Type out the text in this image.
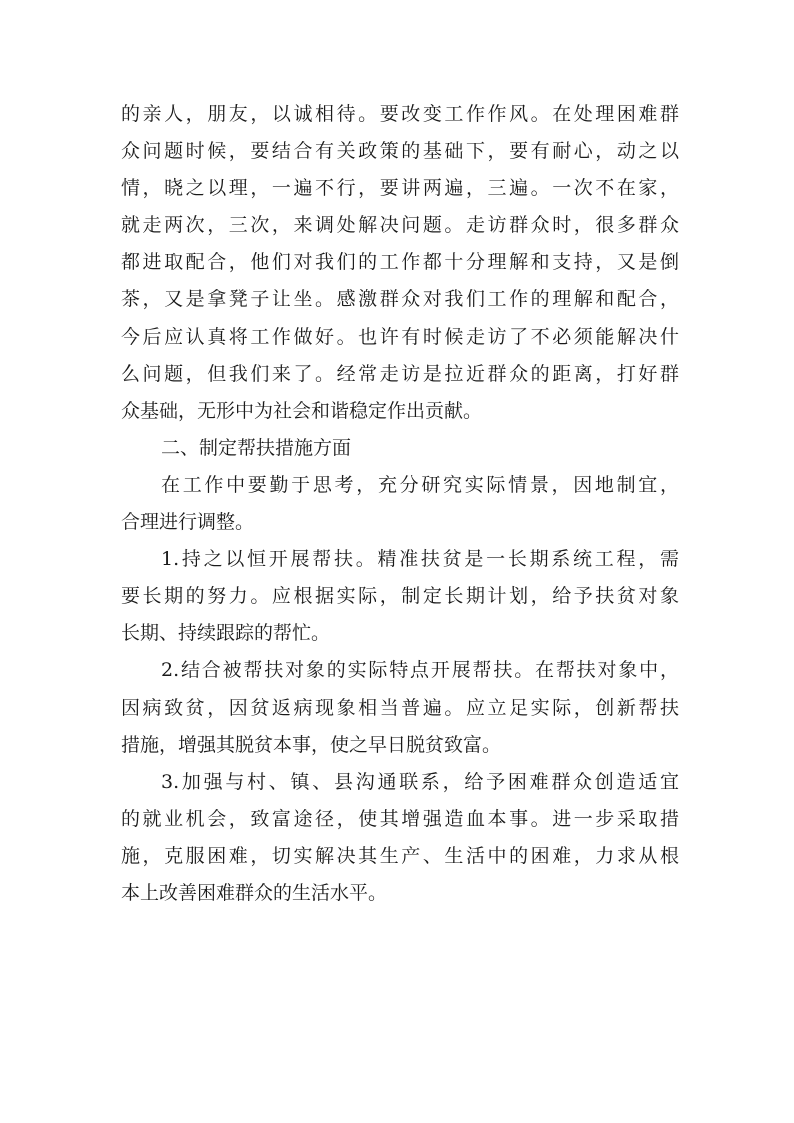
的亲人，朋友，以诚相待。要改变工作作风。在处理困难群
众问题时候，要结合有关政策的基础下，要有耐心，动之以
情，晓之以理，一遍不行，要讲两遍，三遍。一次不在家，
就走两次，三次，来调处解决问题。走访群众时，很多群众
都进取配合，他们对我们的工作都十分理解和支持，又是倒
茶，又是拿凳子让坐。感激群众对我们工作的理解和配合，
今后应认真将工作做好。也许有时候走访了不必须能解决什
么问题，但我们来了。经常走访是拉近群众的距离，打好群
众基础，无形中为社会和谐稳定作出贡献。
二、制定帮扶措施方面
在工作中要勤于思考，充分研究实际情景，因地制宜，
合理进行调整。
1.持之以恒开展帮扶。精准扶贫是一长期系统工程，需
要长期的努力。应根据实际，制定长期计划，给予扶贫对象
长期、持续跟踪的帮忙。
2.结合被帮扶对象的实际特点开展帮扶。在帮扶对象中，
因病致贫，因贫返病现象相当普遍。应立足实际，创新帮扶
措施，增强其脱贫本事，使之早日脱贫致富。
3.加强与村、镇、县沟通联系，给予困难群众创造适宜
的就业机会，致富途径，使其增强造血本事。进一步采取措
施，克服困难，切实解决其生产、生活中的困难，力求从根
本上改善困难群众的生活水平。
